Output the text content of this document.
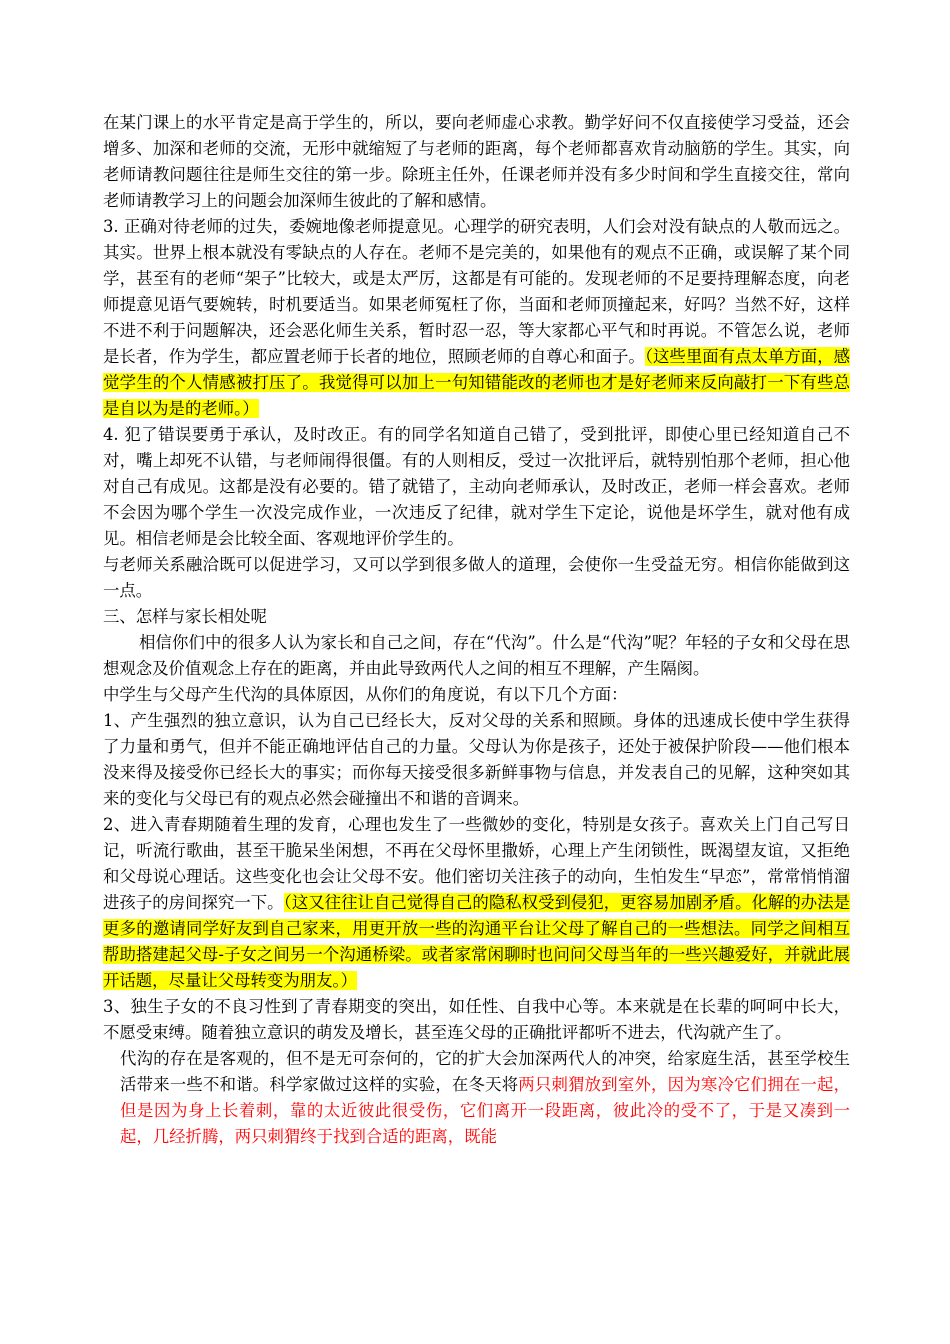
在某门课上的水平肯定是高于学生的，所以，要向老师虚心求教。勤学好问不仅直接使学习受益，还会增多、加深和老师的交流，无形中就缩短了与老师的距离，每个老师都喜欢肯动脑筋的学生。其实，向老师请教问题往往是师生交往的第一步。除班主任外，任课老师并没有多少时间和学生直接交往，常向老师请教学习上的问题会加深师生彼此的了解和感情。

3. 正确对待老师的过失，委婉地像老师提意见。心理学的研究表明，人们会对没有缺点的人敬而远之。其实。世界上根本就没有零缺点的人存在。老师不是完美的，如果他有的观点不正确，或误解了某个同学，甚至有的老师“架子”比较大，或是太严厉，这都是有可能的。发现老师的不足要持理解态度，向老师提意见语气要婉转，时机要适当。如果老师冤枉了你，当面和老师顶撞起来，好吗？当然不好，这样不进不利于问题解决，还会恶化师生关系，暂时忍一忍，等大家都心平气和时再说。不管怎么说，老师是长者，作为学生，都应置老师于长者的地位，照顾老师的自尊心和面子。（这些里面有点太单方面，感觉学生的个人情感被打压了。我觉得可以加上一句知错能改的老师也才是好老师来反向敲打一下有些总是自以为是的老师。）

4. 犯了错误要勇于承认，及时改正。有的同学名知道自己错了，受到批评，即使心里已经知道自己不对，嘴上却死不认错，与老师闹得很僵。有的人则相反，受过一次批评后，就特别怕那个老师，担心他对自己有成见。这都是没有必要的。错了就错了，主动向老师承认，及时改正，老师一样会喜欢。老师不会因为哪个学生一次没完成作业，一次违反了纪律，就对学生下定论，说他是坏学生，就对他有成见。相信老师是会比较全面、客观地评价学生的。

与老师关系融洽既可以促进学习，又可以学到很多做人的道理，会使你一生受益无穷。相信你能做到这一点。

三、怎样与家长相处呢

相信你们中的很多人认为家长和自己之间，存在“代沟”。什么是“代沟”呢？年轻的子女和父母在思想观念及价值观念上存在的距离，并由此导致两代人之间的相互不理解，产生隔阂。

中学生与父母产生代沟的具体原因，从你们的角度说，有以下几个方面：

1、产生强烈的独立意识，认为自己已经长大，反对父母的关系和照顾。身体的迅速成长使中学生获得了力量和勇气，但并不能正确地评估自己的力量。父母认为你是孩子，还处于被保护阶段——他们根本没来得及接受你已经长大的事实；而你每天接受很多新鲜事物与信息，并发表自己的见解，这种突如其来的变化与父母已有的观点必然会碰撞出不和谐的音调来。

2、进入青春期随着生理的发育，心理也发生了一些微妙的变化，特别是女孩子。喜欢关上门自己写日记，听流行歌曲，甚至干脆呆坐闲想，不再在父母怀里撒娇，心理上产生闭锁性，既渴望友谊，又拒绝和父母说心理话。这些变化也会让父母不安。他们密切关注孩子的动向，生怕发生“早恋”，常常悄悄溜进孩子的房间探究一下。（这又往往让自己觉得自己的隐私权受到侵犯，更容易加剧矛盾。化解的办法是更多的邀请同学好友到自己家来，用更开放一些的沟通平台让父母了解自己的一些想法。同学之间相互帮助搭建起父母-子女之间另一个沟通桥梁。或者家常闲聊时也问问父母当年的一些兴趣爱好，并就此展开话题，尽量让父母转变为朋友。）

3、独生子女的不良习性到了青春期变的突出，如任性、自我中心等。本来就是在长辈的呵呵中长大，不愿受束缚。随着独立意识的萌发及增长，甚至连父母的正确批评都听不进去，代沟就产生了。

代沟的存在是客观的，但不是无可奈何的，它的扩大会加深两代人的冲突，给家庭生活，甚至学校生活带来一些不和谐。科学家做过这样的实验，在冬天将两只刺猬放到室外，因为寒冷它们拥在一起，但是因为身上长着刺，靠的太近彼此很受伤，它们离开一段距离，彼此冷的受不了，于是又凑到一起，几经折腾，两只刺猬终于找到合适的距离，既能
